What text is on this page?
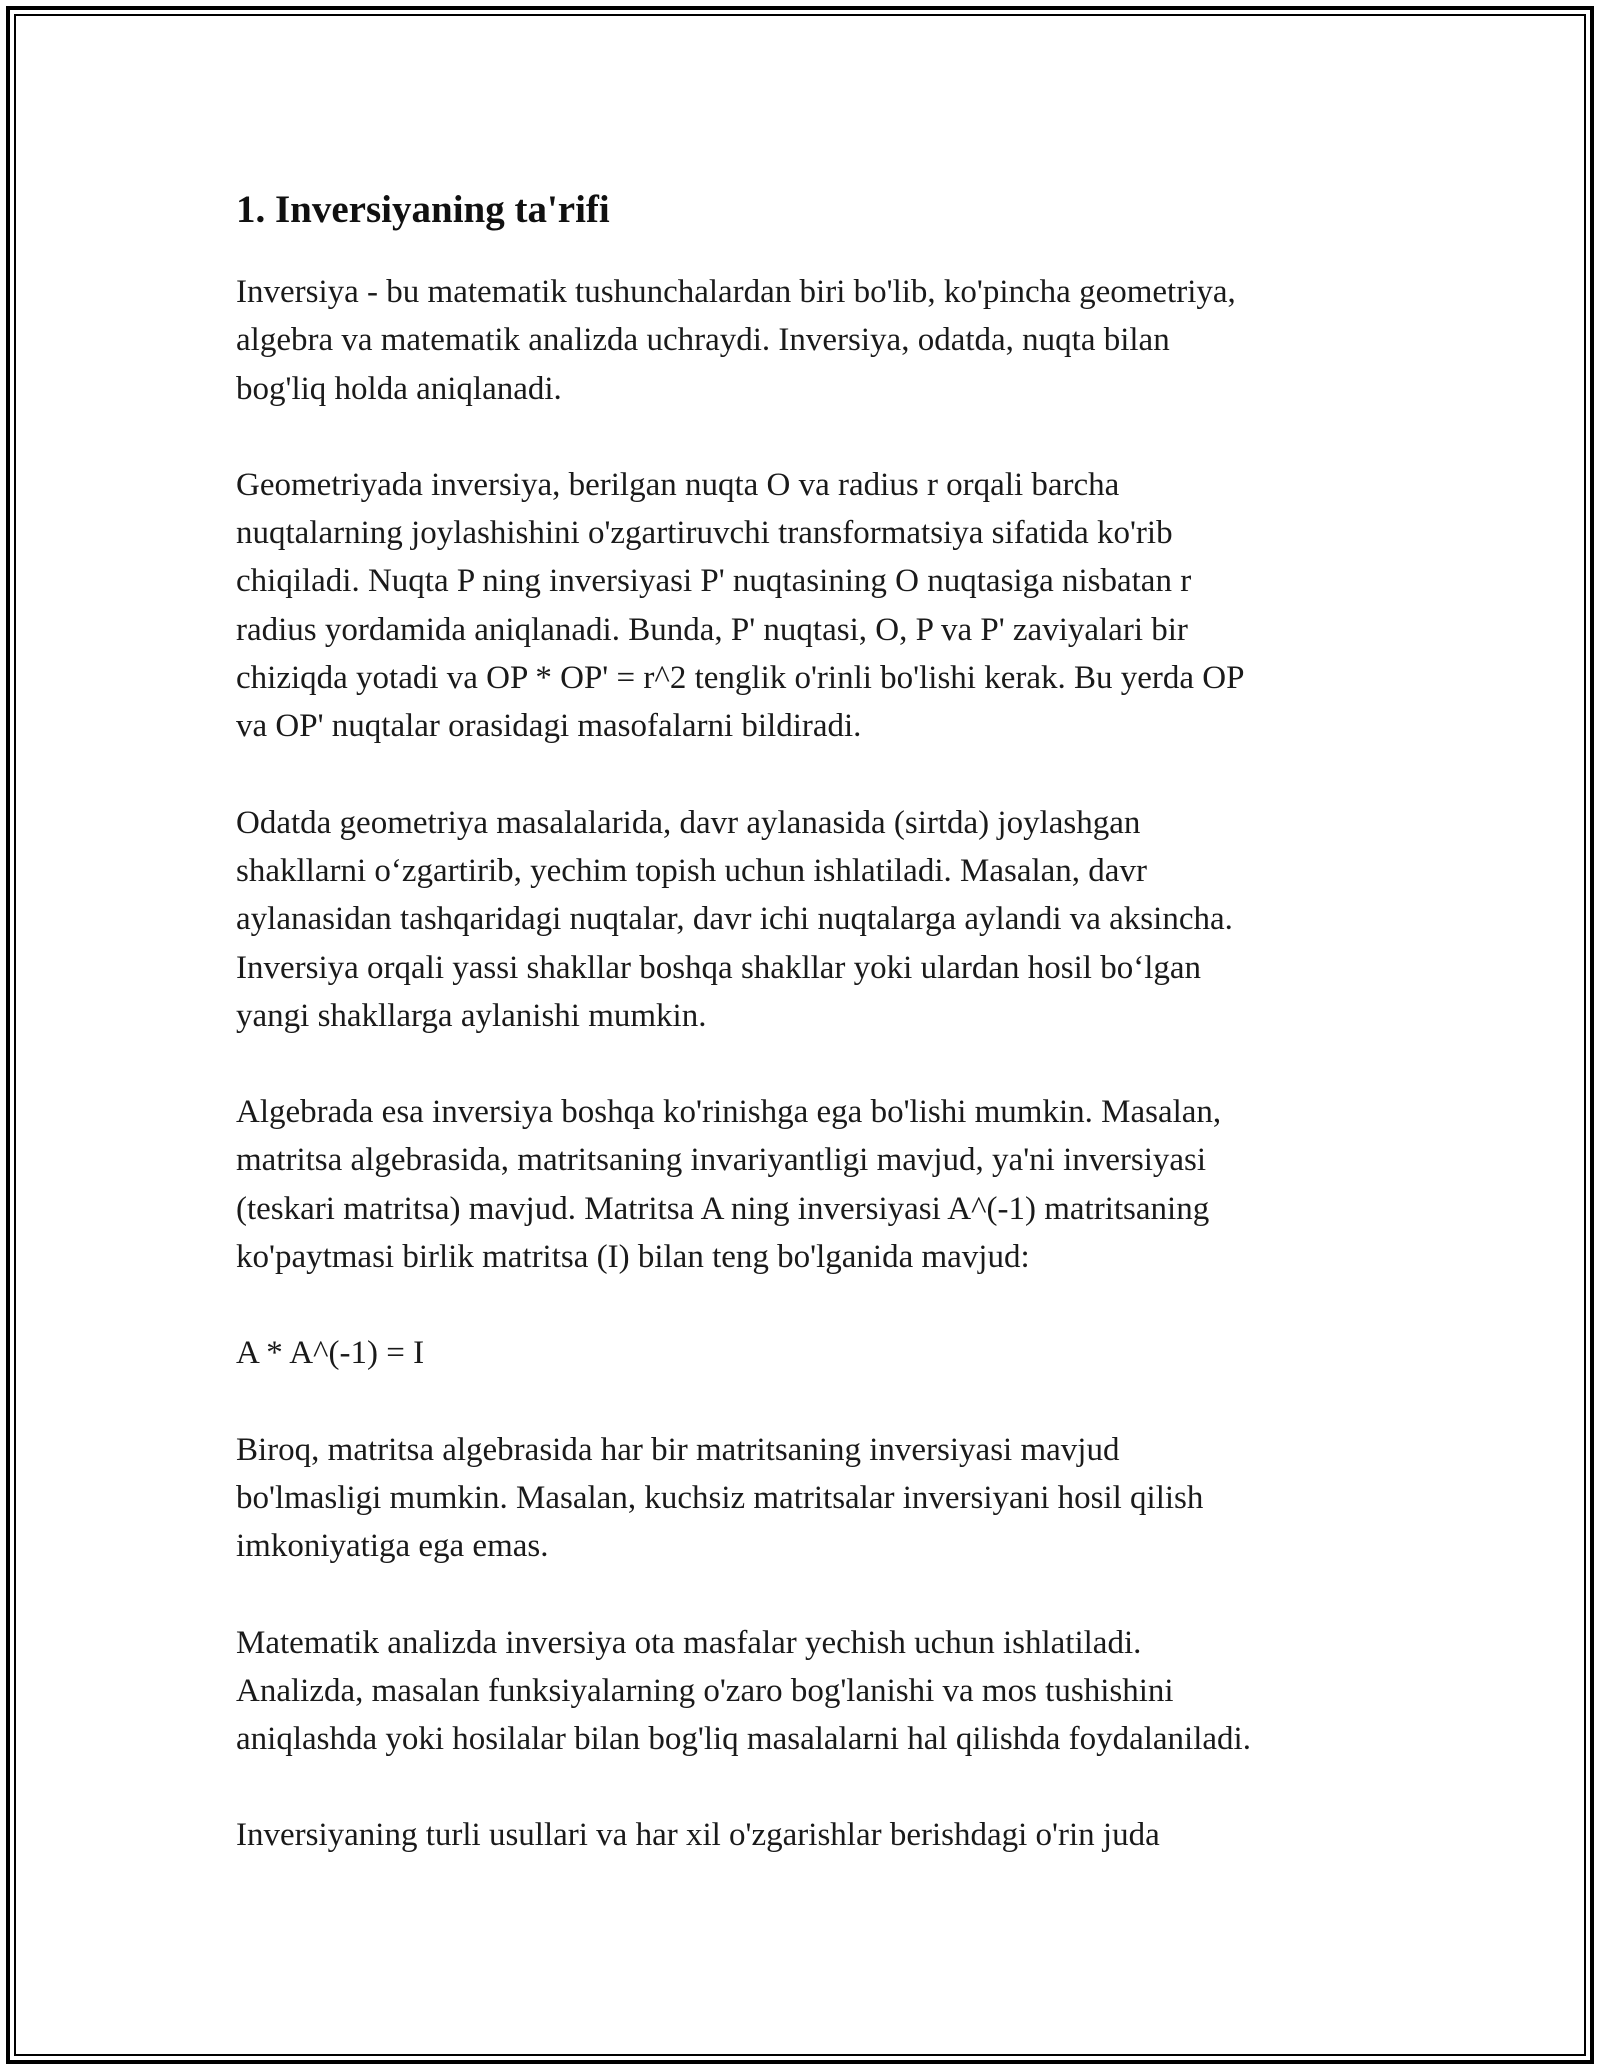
1. Inversiyaning ta'rifi

Inversiya - bu matematik tushunchalardan biri bo'lib, ko'pincha geometriya,
algebra va matematik analizda uchraydi. Inversiya, odatda, nuqta bilan
bog'liq holda aniqlanadi.

Geometriyada inversiya, berilgan nuqta O va radius r orqali barcha
nuqtalarning joylashishini o'zgartiruvchi transformatsiya sifatida ko'rib
chiqiladi. Nuqta P ning inversiyasi P' nuqtasining O nuqtasiga nisbatan r
radius yordamida aniqlanadi. Bunda, P' nuqtasi, O, P va P' zaviyalari bir
chiziqda yotadi va OP * OP' = r^2 tenglik o'rinli bo'lishi kerak. Bu yerda OP
va OP' nuqtalar orasidagi masofalarni bildiradi.

Odatda geometriya masalalarida, davr aylanasida (sirtda) joylashgan
shakllarni o‘zgartirib, yechim topish uchun ishlatiladi. Masalan, davr
aylanasidan tashqaridagi nuqtalar, davr ichi nuqtalarga aylandi va aksincha.
Inversiya orqali yassi shakllar boshqa shakllar yoki ulardan hosil bo‘lgan
yangi shakllarga aylanishi mumkin.

Algebrada esa inversiya boshqa ko'rinishga ega bo'lishi mumkin. Masalan,
matritsa algebrasida, matritsaning invariyantligi mavjud, ya'ni inversiyasi
(teskari matritsa) mavjud. Matritsa A ning inversiyasi A^(-1) matritsaning
ko'paytmasi birlik matritsa (I) bilan teng bo'lganida mavjud:

A * A^(-1) = I

Biroq, matritsa algebrasida har bir matritsaning inversiyasi mavjud
bo'lmasligi mumkin. Masalan, kuchsiz matritsalar inversiyani hosil qilish
imkoniyatiga ega emas.

Matematik analizda inversiya ota masfalar yechish uchun ishlatiladi.
Analizda, masalan funksiyalarning o'zaro bog'lanishi va mos tushishini
aniqlashda yoki hosilalar bilan bog'liq masalalarni hal qilishda foydalaniladi.

Inversiyaning turli usullari va har xil o'zgarishlar berishdagi o'rin juda
